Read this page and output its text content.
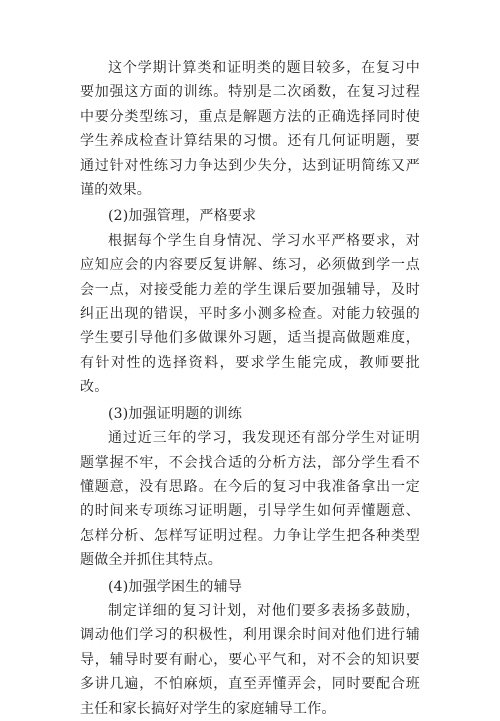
这个学期计算类和证明类的题目较多，在复习中要加强这方面的训练。特别是二次函数，在复习过程中要分类型练习，重点是解题方法的正确选择同时使学生养成检查计算结果的习惯。还有几何证明题，要通过针对性练习力争达到少失分，达到证明简练又严谨的效果。

(2)加强管理，严格要求

根据每个学生自身情况、学习水平严格要求，对应知应会的内容要反复讲解、练习，必须做到学一点会一点，对接受能力差的学生课后要加强辅导，及时纠正出现的错误，平时多小测多检查。对能力较强的学生要引导他们多做课外习题，适当提高做题难度，有针对性的选择资料，要求学生能完成，教师要批改。

(3)加强证明题的训练

通过近三年的学习，我发现还有部分学生对证明题掌握不牢，不会找合适的分析方法，部分学生看不懂题意，没有思路。在今后的复习中我准备拿出一定的时间来专项练习证明题，引导学生如何弄懂题意、怎样分析、怎样写证明过程。力争让学生把各种类型题做全并抓住其特点。

(4)加强学困生的辅导

制定详细的复习计划，对他们要多表扬多鼓励，调动他们学习的积极性，利用课余时间对他们进行辅导，辅导时要有耐心，要心平气和，对不会的知识要多讲几遍，不怕麻烦，直至弄懂弄会，同时要配合班主任和家长搞好对学生的家庭辅导工作。
